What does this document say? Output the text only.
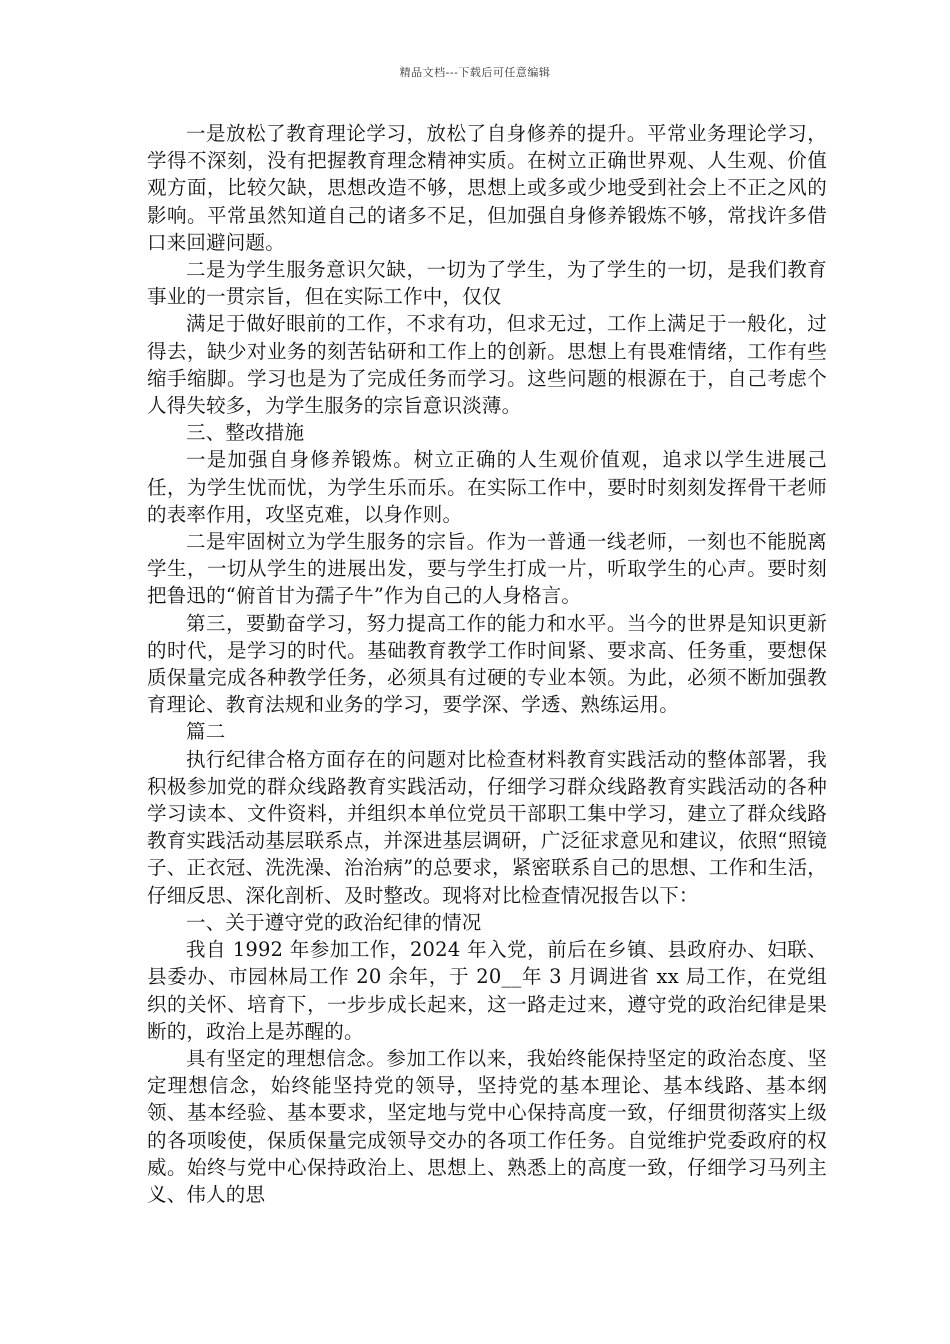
精品文档---下载后可任意编辑

一是放松了教育理论学习，放松了自身修养的提升。平常业务理论学习，学得不深刻，没有把握教育理念精神实质。在树立正确世界观、人生观、价值观方面，比较欠缺，思想改造不够，思想上或多或少地受到社会上不正之风的影响。平常虽然知道自己的诸多不足，但加强自身修养锻炼不够，常找许多借口来回避问题。

二是为学生服务意识欠缺，一切为了学生，为了学生的一切，是我们教育事业的一贯宗旨，但在实际工作中，仅仅

满足于做好眼前的工作，不求有功，但求无过，工作上满足于一般化，过得去，缺少对业务的刻苦钻研和工作上的创新。思想上有畏难情绪，工作有些缩手缩脚。学习也是为了完成任务而学习。这些问题的根源在于，自己考虑个人得失较多，为学生服务的宗旨意识淡薄。

三、整改措施

一是加强自身修养锻炼。树立正确的人生观价值观，追求以学生进展己任，为学生忧而忧，为学生乐而乐。在实际工作中，要时时刻刻发挥骨干老师的表率作用，攻坚克难，以身作则。

二是牢固树立为学生服务的宗旨。作为一普通一线老师，一刻也不能脱离学生，一切从学生的进展出发，要与学生打成一片，听取学生的心声。要时刻把鲁迅的“俯首甘为孺子牛”作为自己的人身格言。

第三，要勤奋学习，努力提高工作的能力和水平。当今的世界是知识更新的时代，是学习的时代。基础教育教学工作时间紧、要求高、任务重，要想保质保量完成各种教学任务，必须具有过硬的专业本领。为此，必须不断加强教育理论、教育法规和业务的学习，要学深、学透、熟练运用。

篇二

执行纪律合格方面存在的问题对比检查材料教育实践活动的整体部署，我积极参加党的群众线路教育实践活动，仔细学习群众线路教育实践活动的各种学习读本、文件资料，并组织本单位党员干部职工集中学习，建立了群众线路教育实践活动基层联系点，并深进基层调研，广泛征求意见和建议，依照“照镜子、正衣冠、洗洗澡、治治病”的总要求，紧密联系自己的思想、工作和生活，仔细反思、深化剖析、及时整改。现将对比检查情况报告以下：

一、关于遵守党的政治纪律的情况

我自 1992 年参加工作，2024 年入党，前后在乡镇、县政府办、妇联、县委办、市园林局工作 20 余年，于 20__年 3 月调进省 xx 局工作，在党组织的关怀、培育下，一步步成长起来，这一路走过来，遵守党的政治纪律是果断的，政治上是苏醒的。

具有坚定的理想信念。参加工作以来，我始终能保持坚定的政治态度、坚定理想信念，始终能坚持党的领导，坚持党的基本理论、基本线路、基本纲领、基本经验、基本要求，坚定地与党中心保持高度一致，仔细贯彻落实上级的各项唆使，保质保量完成领导交办的各项工作任务。自觉维护党委政府的权威。始终与党中心保持政治上、思想上、熟悉上的高度一致，仔细学习马列主义、伟人的思
